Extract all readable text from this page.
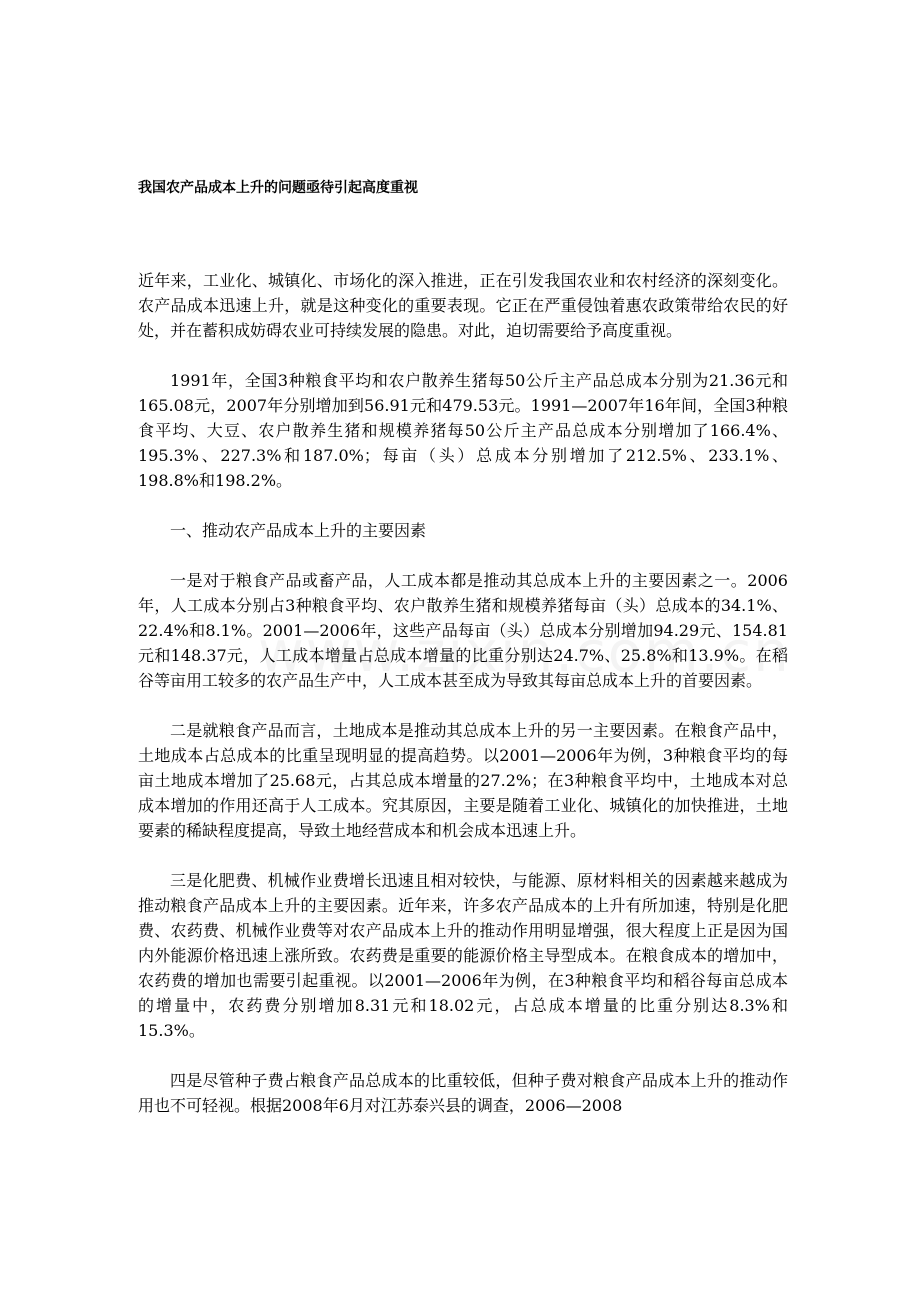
我国农产品成本上升的问题亟待引起高度重视

近年来，工业化、城镇化、市场化的深入推进，正在引发我国农业和农村经济的深刻变化。农产品成本迅速上升，就是这种变化的重要表现。它正在严重侵蚀着惠农政策带给农民的好处，并在蓄积成妨碍农业可持续发展的隐患。对此，迫切需要给予高度重视。

1991年，全国3种粮食平均和农户散养生猪每50公斤主产品总成本分别为21.36元和165.08元，2007年分别增加到56.91元和479.53元。1991—2007年16年间，全国3种粮食平均、大豆、农户散养生猪和规模养猪每50公斤主产品总成本分别增加了166.4%、195.3%、227.3%和187.0%；每亩（头）总成本分别增加了212.5%、233.1%、198.8%和198.2%。

一、推动农产品成本上升的主要因素

一是对于粮食产品或畜产品，人工成本都是推动其总成本上升的主要因素之一。2006年，人工成本分别占3种粮食平均、农户散养生猪和规模养猪每亩（头）总成本的34.1%、22.4%和8.1%。2001—2006年，这些产品每亩（头）总成本分别增加94.29元、154.81元和148.37元，人工成本增量占总成本增量的比重分别达24.7%、25.8%和13.9%。在稻谷等亩用工较多的农产品生产中，人工成本甚至成为导致其每亩总成本上升的首要因素。

二是就粮食产品而言，土地成本是推动其总成本上升的另一主要因素。在粮食产品中，土地成本占总成本的比重呈现明显的提高趋势。以2001—2006年为例，3种粮食平均的每亩土地成本增加了25.68元，占其总成本增量的27.2%；在3种粮食平均中，土地成本对总成本增加的作用还高于人工成本。究其原因，主要是随着工业化、城镇化的加快推进，土地要素的稀缺程度提高，导致土地经营成本和机会成本迅速上升。

三是化肥费、机械作业费增长迅速且相对较快，与能源、原材料相关的因素越来越成为推动粮食产品成本上升的主要因素。近年来，许多农产品成本的上升有所加速，特别是化肥费、农药费、机械作业费等对农产品成本上升的推动作用明显增强，很大程度上正是因为国内外能源价格迅速上涨所致。农药费是重要的能源价格主导型成本。在粮食成本的增加中，农药费的增加也需要引起重视。以2001—2006年为例，在3种粮食平均和稻谷每亩总成本的增量中，农药费分别增加8.31元和18.02元，占总成本增量的比重分别达8.3%和15.3%。

四是尽管种子费占粮食产品总成本的比重较低，但种子费对粮食产品成本上升的推动作用也不可轻视。根据2008年6月对江苏泰兴县的调查，2006—2008
